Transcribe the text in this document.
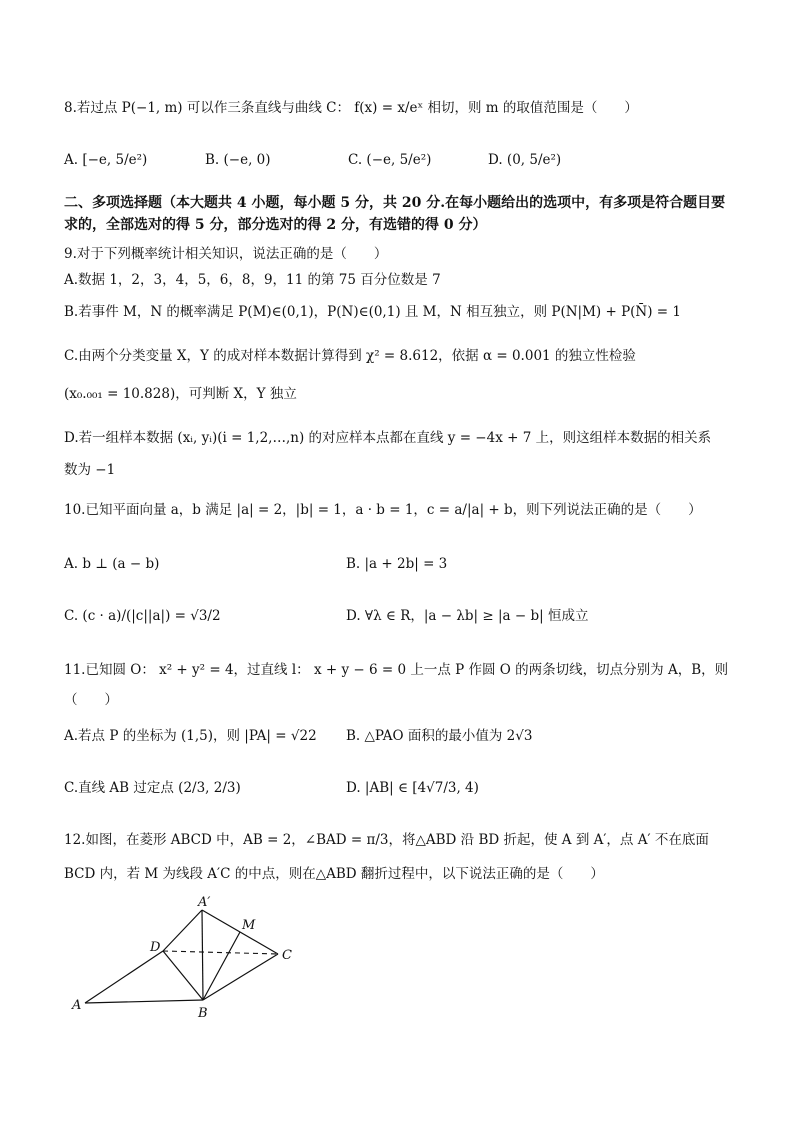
8.若过点 P(−1, m) 可以作三条直线与曲线 C： f(x) = x/eˣ 相切，则 m 的取值范围是（　　）
A. [−e, 5/e²)	B. (−e, 0)	C. (−e, 5/e²)	D. (0, 5/e²)
二、多项选择题（本大题共 4 小题，每小题 5 分，共 20 分.在每小题给出的选项中，有多项是符合题目要求的，全部选对的得 5 分，部分选对的得 2 分，有选错的得 0 分）
9.对于下列概率统计相关知识，说法正确的是（　　）
A.数据 1，2，3，4，5，6，8，9，11 的第 75 百分位数是 7
B.若事件 M，N 的概率满足 P(M)∈(0,1)，P(N)∈(0,1) 且 M，N 相互独立，则 P(N|M) + P(N̄) = 1
C.由两个分类变量 X，Y 的成对样本数据计算得到 χ² = 8.612，依据 α = 0.001 的独立性检验
(x₀.₀₀₁ = 10.828)，可判断 X，Y 独立
D.若一组样本数据 (xᵢ, yᵢ)(i = 1,2,…,n) 的对应样本点都在直线 y = −4x + 7 上，则这组样本数据的相关系
数为 −1
10.已知平面向量 a，b 满足 |a| = 2，|b| = 1，a · b = 1，c = a/|a| + b，则下列说法正确的是（　　）
A. b ⊥ (a − b)	B. |a + 2b| = 3
C. (c · a)/(|c||a|) = √3/2	D. ∀λ ∈ R，|a − λb| ≥ |a − b| 恒成立
11.已知圆 O： x² + y² = 4，过直线 l： x + y − 6 = 0 上一点 P 作圆 O 的两条切线，切点分别为 A，B，则
（　　）
A.若点 P 的坐标为 (1,5)，则 |PA| = √22 B. △PAO 面积的最小值为 2√3
C.直线 AB 过定点 (2/3, 2/3)	D. |AB| ∈ [4√7/3, 4)
12.如图，在菱形 ABCD 中，AB = 2，∠BAD = π/3，将△ABD 沿 BD 折起，使 A 到 A′，点 A′ 不在底面
BCD 内，若 M 为线段 A′C 的中点，则在△ABD 翻折过程中，以下说法正确的是（　　）
A
B
C
D
A′
M
